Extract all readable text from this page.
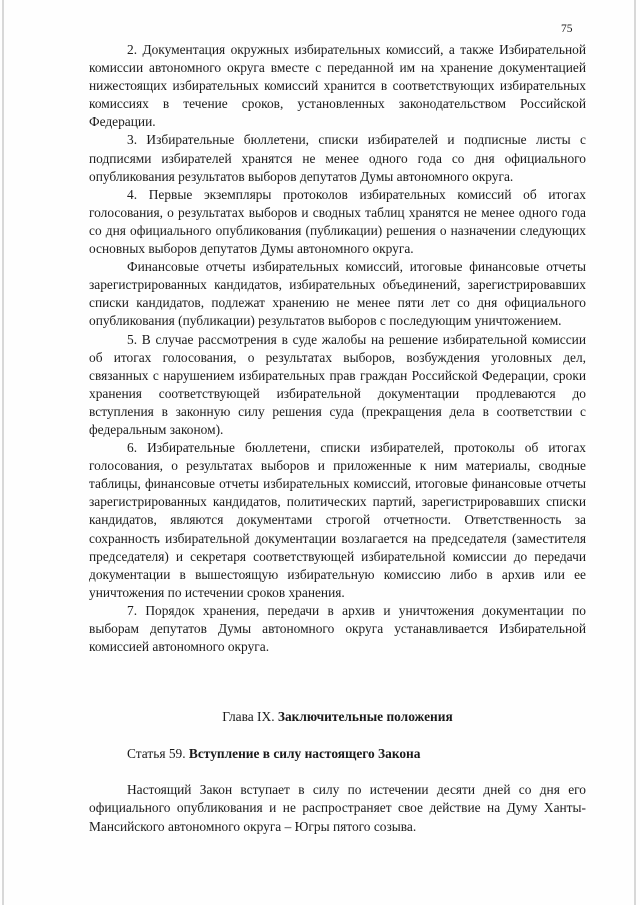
75

2. Документация окружных избирательных комиссий, а также Избирательной комиссии автономного округа вместе с переданной им на хранение документацией нижестоящих избирательных комиссий хранится в соответствующих избирательных комиссиях в течение сроков, установленных законодательством Российской Федерации.

3. Избирательные бюллетени, списки избирателей и подписные листы с подписями избирателей хранятся не менее одного года со дня официального опубликования результатов выборов депутатов Думы автономного округа.

4. Первые экземпляры протоколов избирательных комиссий об итогах голосования, о результатах выборов и сводных таблиц хранятся не менее одного года со дня официального опубликования (публикации) решения о назначении следующих основных выборов депутатов Думы автономного округа.

Финансовые отчеты избирательных комиссий, итоговые финансовые отчеты зарегистрированных кандидатов, избирательных объединений, зарегистрировавших списки кандидатов, подлежат хранению не менее пяти лет со дня официального опубликования (публикации) результатов выборов с последующим уничтожением.

5. В случае рассмотрения в суде жалобы на решение избирательной комиссии об итогах голосования, о результатах выборов, возбуждения уголовных дел, связанных с нарушением избирательных прав граждан Российской Федерации, сроки хранения соответствующей избирательной документации продлеваются до вступления в законную силу решения суда (прекращения дела в соответствии с федеральным законом).

6. Избирательные бюллетени, списки избирателей, протоколы об итогах голосования, о результатах выборов и приложенные к ним материалы, сводные таблицы, финансовые отчеты избирательных комиссий, итоговые финансовые отчеты зарегистрированных кандидатов, политических партий, зарегистрировавших списки кандидатов, являются документами строгой отчетности. Ответственность за сохранность избирательной документации возлагается на председателя (заместителя председателя) и секретаря соответствующей избирательной комиссии до передачи документации в вышестоящую избирательную комиссию либо в архив или ее уничтожения по истечении сроков хранения.

7. Порядок хранения, передачи в архив и уничтожения документации по выборам депутатов Думы автономного округа устанавливается Избирательной комиссией автономного округа.

Глава IX. Заключительные положения
Статья 59. Вступление в силу настоящего Закона

Настоящий Закон вступает в силу по истечении десяти дней со дня его официального опубликования и не распространяет свое действие на Думу Ханты-Мансийского автономного округа – Югры пятого созыва.
